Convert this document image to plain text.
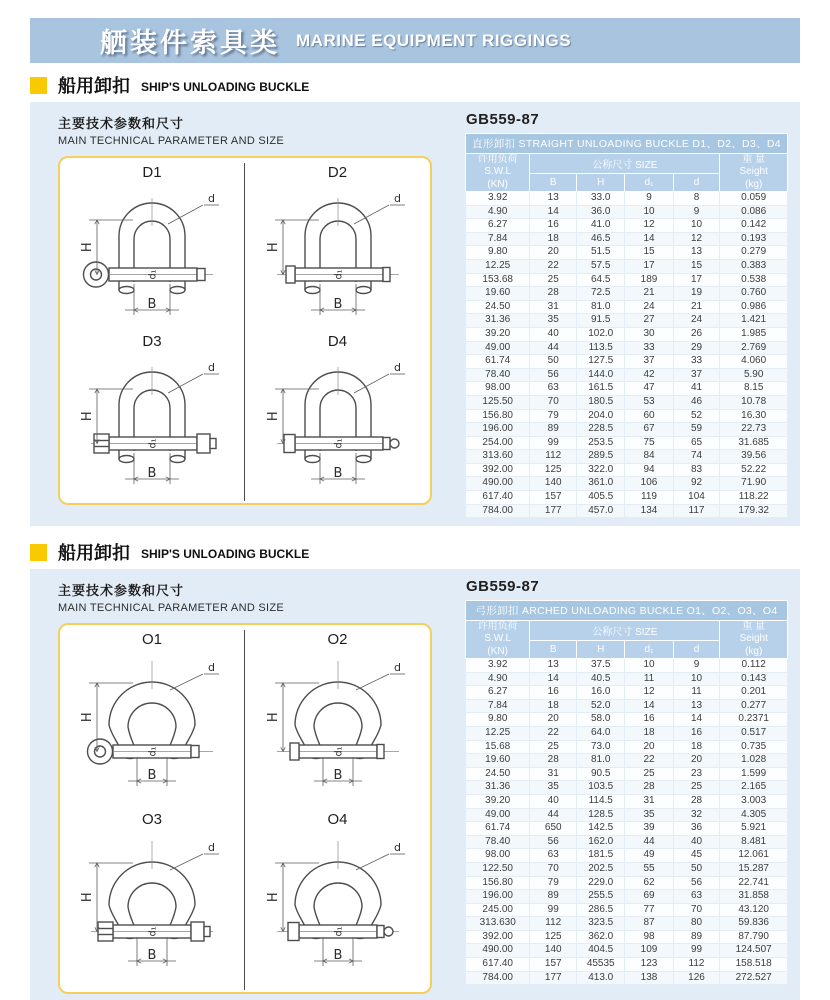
舾装件索具类 MARINE EQUIPMENT RIGGINGS
船用卸扣 SHIP'S UNLOADING BUCKLE
主要技术参数和尺寸
MAIN TECHNICAL PARAMETER AND SIZE
D1
H
B
d
d₁
D2
H
B
d
d₁
D3
H
B
d
d₁
D4
H
B
d
d₁
GB559-87
直形卸扣 STRAIGHT UNLOADING BUCKLE D1、D2、D3、D4					

许用负荷
S.W.L
(KN)	公称尺寸 SIZE				重 量
Seight
(kg)

	B	H	d₁	d	
3.92	13	33.0	9	8	0.059
4.90	14	36.0	10	9	0.086
6.27	16	41.0	12	10	0.142
7.84	18	46.5	14	12	0.193
9.80	20	51.5	15	13	0.279
12.25	22	57.5	17	15	0.383
153.68	25	64.5	189	17	0.538
19.60	28	72.5	21	19	0.760
24.50	31	81.0	24	21	0.986
31.36	35	91.5	27	24	1.421
39.20	40	102.0	30	26	1.985
49.00	44	113.5	33	29	2.769
61.74	50	127.5	37	33	4.060
78.40	56	144.0	42	37	5.90
98.00	63	161.5	47	41	8.15
125.50	70	180.5	53	46	10.78
156.80	79	204.0	60	52	16.30
196.00	89	228.5	67	59	22.73
254.00	99	253.5	75	65	31.685
313.60	112	289.5	84	74	39.56
392.00	125	322.0	94	83	52.22
490.00	140	361.0	106	92	71.90
617.40	157	405.5	119	104	118.22
784.00	177	457.0	134	117	179.32
船用卸扣 SHIP'S UNLOADING BUCKLE
主要技术参数和尺寸
MAIN TECHNICAL PARAMETER AND SIZE
O1
H
B
d
d₁
O2
H
B
d
d₁
O3
H
B
d
d₁
O4
H
B
d
d₁
GB559-87
弓形卸扣 ARCHED UNLOADING BUCKLE O1、O2、O3、O4					

许用负荷
S.W.L
(KN)	公称尺寸 SIZE				重 量
Seight
(kg)

	B	H	d₁	d	
3.92	13	37.5	10	9	0.112
4.90	14	40.5	11	10	0.143
6.27	16	16.0	12	11	0.201
7.84	18	52.0	14	13	0.277
9.80	20	58.0	16	14	0.2371
12.25	22	64.0	18	16	0.517
15.68	25	73.0	20	18	0.735
19.60	28	81.0	22	20	1.028
24.50	31	90.5	25	23	1.599
31.36	35	103.5	28	25	2.165
39.20	40	114.5	31	28	3.003
49.00	44	128.5	35	32	4.305
61.74	650	142.5	39	36	5.921
78.40	56	162.0	44	40	8.481
98.00	63	181.5	49	45	12.061
122.50	70	202.5	55	50	15.287
156.80	79	229.0	62	56	22.741
196.00	89	255.5	69	63	31.858
245.00	99	286.5	77	70	43.120
313.630	112	323.5	87	80	59.836
392.00	125	362.0	98	89	87.790
490.00	140	404.5	109	99	124.507
617.40	157	45535	123	112	158.518
784.00	177	413.0	138	126	272.527
